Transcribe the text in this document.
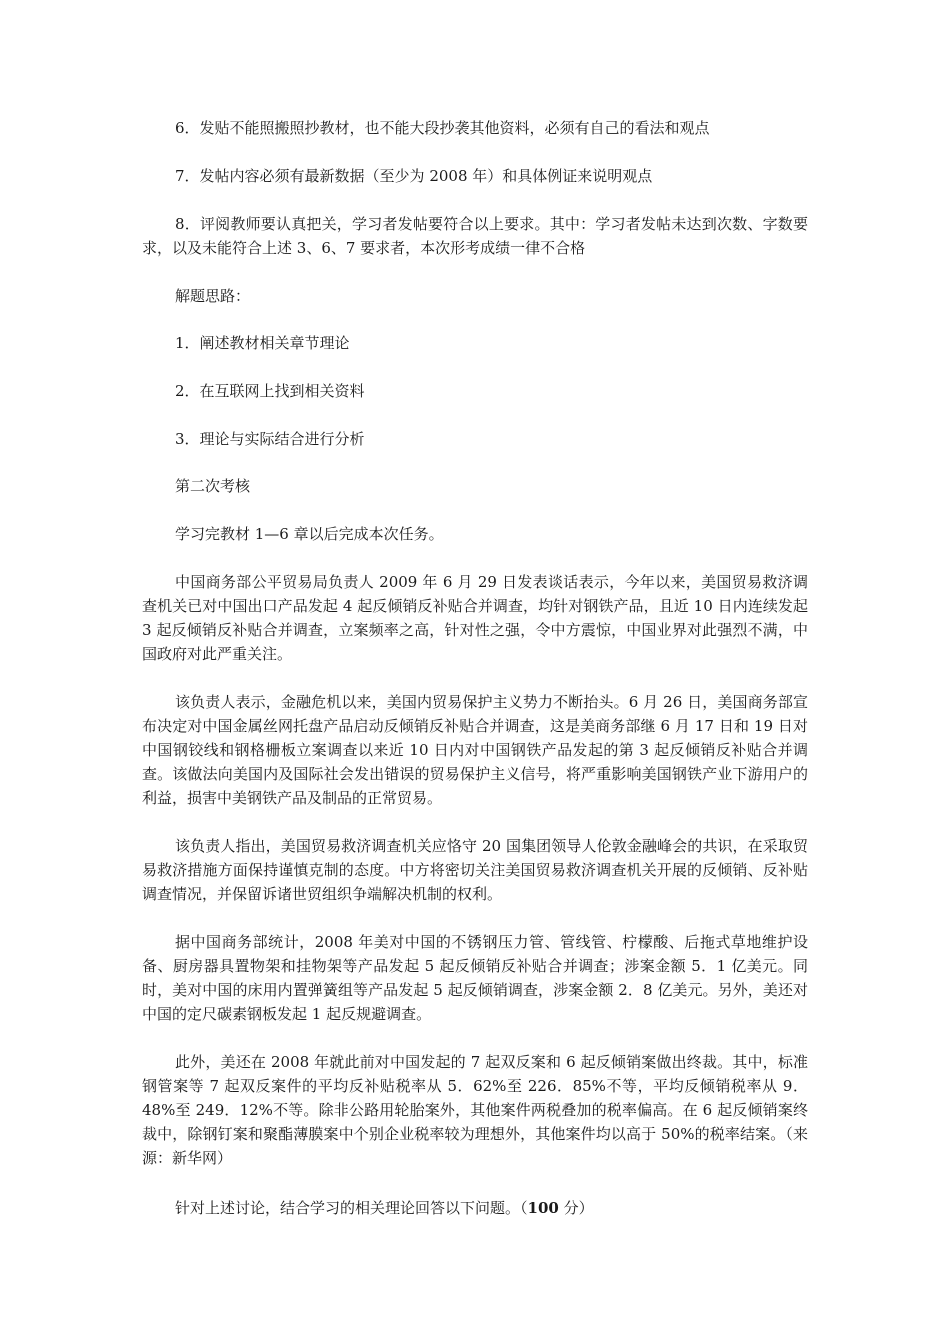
6．发贴不能照搬照抄教材，也不能大段抄袭其他资料，必须有自己的看法和观点

7．发帖内容必须有最新数据（至少为 2008 年）和具体例证来说明观点

8．评阅教师要认真把关，学习者发帖要符合以上要求。其中：学习者发帖未达到次数、字数要求，以及未能符合上述 3、6、7 要求者，本次形考成绩一律不合格

解题思路：

1．阐述教材相关章节理论

2．在互联网上找到相关资料

3．理论与实际结合进行分析

第二次考核

学习完教材 1—6 章以后完成本次任务。

中国商务部公平贸易局负责人 2009 年 6 月 29 日发表谈话表示，今年以来，美国贸易救济调查机关已对中国出口产品发起 4 起反倾销反补贴合并调查，均针对钢铁产品，且近 10 日内连续发起 3 起反倾销反补贴合并调查，立案频率之高，针对性之强，令中方震惊，中国业界对此强烈不满，中国政府对此严重关注。

该负责人表示，金融危机以来，美国内贸易保护主义势力不断抬头。6 月 26 日，美国商务部宣布决定对中国金属丝网托盘产品启动反倾销反补贴合并调查，这是美商务部继 6 月 17 日和 19 日对中国钢铰线和钢格栅板立案调查以来近 10 日内对中国钢铁产品发起的第 3 起反倾销反补贴合并调查。该做法向美国内及国际社会发出错误的贸易保护主义信号，将严重影响美国钢铁产业下游用户的利益，损害中美钢铁产品及制品的正常贸易。

该负责人指出，美国贸易救济调查机关应恪守 20 国集团领导人伦敦金融峰会的共识，在采取贸易救济措施方面保持谨慎克制的态度。中方将密切关注美国贸易救济调查机关开展的反倾销、反补贴调查情况，并保留诉诸世贸组织争端解决机制的权利。

据中国商务部统计，2008 年美对中国的不锈钢压力管、管线管、柠檬酸、后拖式草地维护设备、厨房器具置物架和挂物架等产品发起 5 起反倾销反补贴合并调查；涉案金额 5．1 亿美元。同时，美对中国的床用内置弹簧组等产品发起 5 起反倾销调查，涉案金额 2．8 亿美元。另外，美还对中国的定尺碳素钢板发起 1 起反规避调查。

此外，美还在 2008 年就此前对中国发起的 7 起双反案和 6 起反倾销案做出终裁。其中，标准钢管案等 7 起双反案件的平均反补贴税率从 5．62%至 226．85%不等，平均反倾销税率从 9．48%至 249．12%不等。除非公路用轮胎案外，其他案件两税叠加的税率偏高。在 6 起反倾销案终裁中，除钢钉案和聚酯薄膜案中个别企业税率较为理想外，其他案件均以高于 50%的税率结案。（来源：新华网）

针对上述讨论，结合学习的相关理论回答以下问题。（100 分）
